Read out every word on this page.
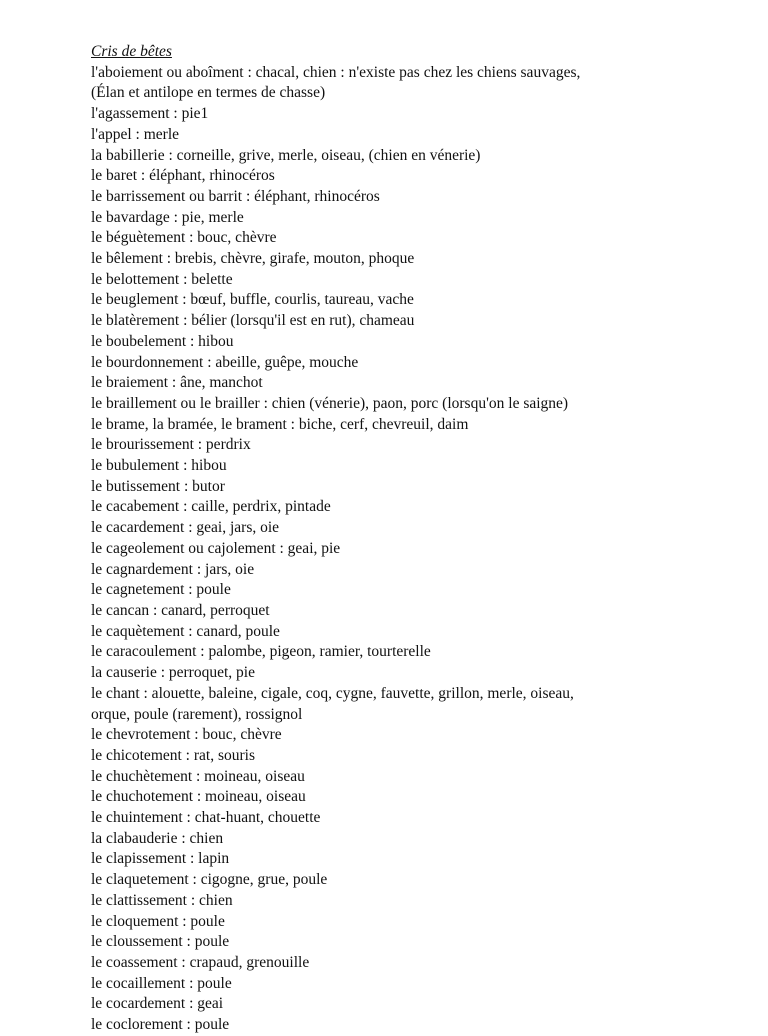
Cris de bêtes

l'aboiement ou aboîment : chacal, chien : n'existe pas chez les chiens sauvages,

(Élan et antilope en termes de chasse)

l'agassement : pie1

l'appel : merle

la babillerie : corneille, grive, merle, oiseau, (chien en vénerie)

le baret : éléphant, rhinocéros

le barrissement ou barrit : éléphant, rhinocéros

le bavardage : pie, merle

le béguètement : bouc, chèvre

le bêlement : brebis, chèvre, girafe, mouton, phoque

le belottement : belette

le beuglement : bœuf, buffle, courlis, taureau, vache

le blatèrement : bélier (lorsqu'il est en rut), chameau

le boubelement : hibou

le bourdonnement : abeille, guêpe, mouche

le braiement : âne, manchot

le braillement ou le brailler : chien (vénerie), paon, porc (lorsqu'on le saigne)

le brame, la bramée, le brament : biche, cerf, chevreuil, daim

le brourissement : perdrix

le bubulement : hibou

le butissement : butor

le cacabement : caille, perdrix, pintade

le cacardement : geai, jars, oie

le cageolement ou cajolement : geai, pie

le cagnardement : jars, oie

le cagnetement : poule

le cancan : canard, perroquet

le caquètement : canard, poule

le caracoulement : palombe, pigeon, ramier, tourterelle

la causerie : perroquet, pie

le chant : alouette, baleine, cigale, coq, cygne, fauvette, grillon, merle, oiseau,

orque, poule (rarement), rossignol

le chevrotement : bouc, chèvre

le chicotement : rat, souris

le chuchètement : moineau, oiseau

le chuchotement : moineau, oiseau

le chuintement : chat-huant, chouette

la clabauderie : chien

le clapissement : lapin

le claquetement : cigogne, grue, poule

le clattissement : chien

le cloquement : poule

le cloussement : poule

le coassement : crapaud, grenouille

le cocaillement : poule

le cocardement : geai

le coclorement : poule
